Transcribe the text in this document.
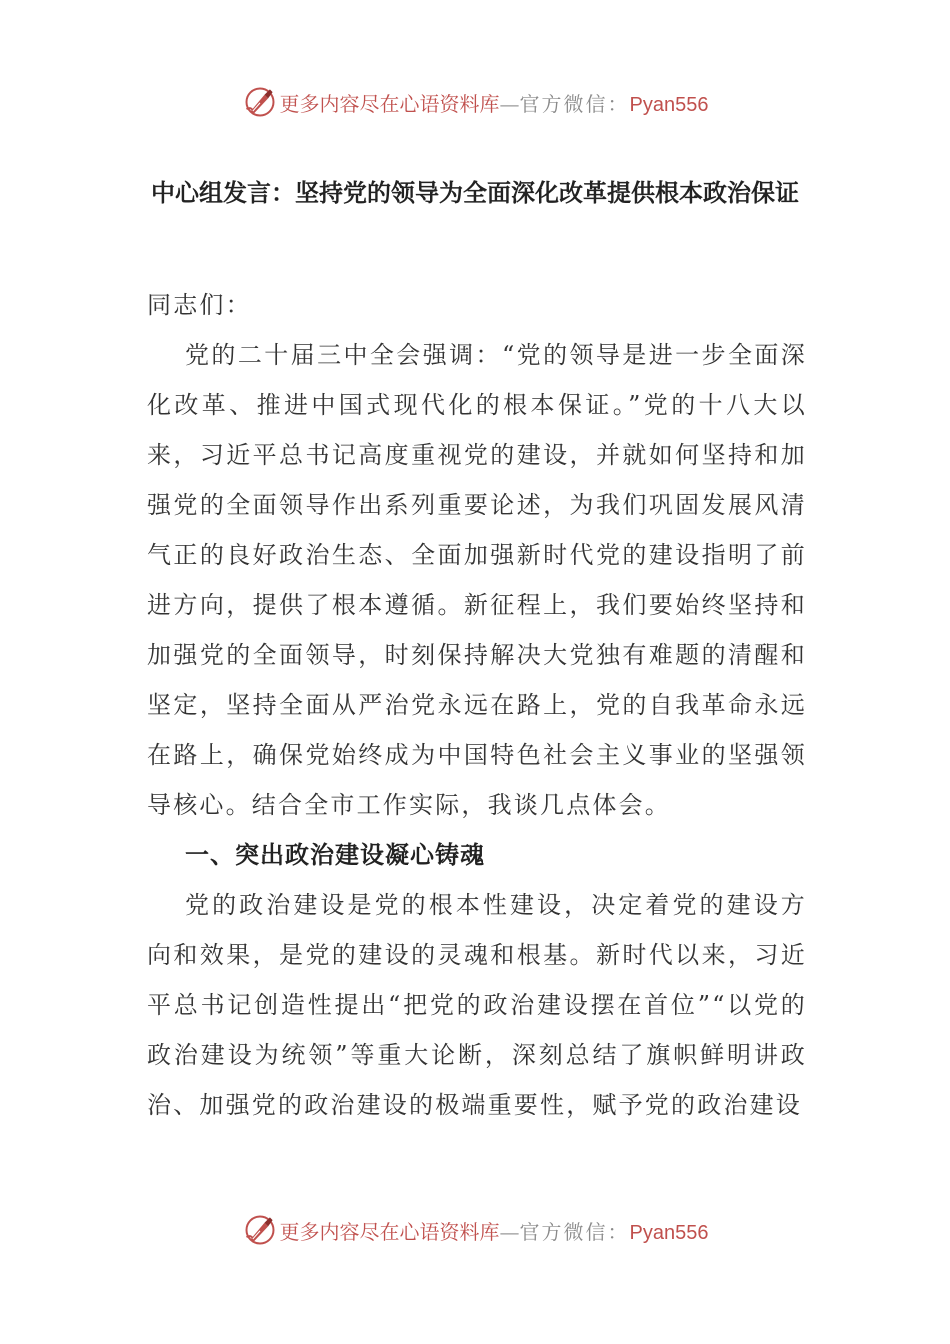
更多内容尽在心语资料库—官方微信：Pyan556
中心组发言：坚持党的领导为全面深化改革提供根本政治保证

同志们：

党的二十届三中全会强调：“党的领导是进一步全面深化改革、推进中国式现代化的根本保证。”党的十八大以来，习近平总书记高度重视党的建设，并就如何坚持和加强党的全面领导作出系列重要论述，为我们巩固发展风清气正的良好政治生态、全面加强新时代党的建设指明了前进方向，提供了根本遵循。新征程上，我们要始终坚持和加强党的全面领导，时刻保持解决大党独有难题的清醒和坚定，坚持全面从严治党永远在路上，党的自我革命永远在路上，确保党始终成为中国特色社会主义事业的坚强领导核心。结合全市工作实际，我谈几点体会。

一、突出政治建设凝心铸魂

党的政治建设是党的根本性建设，决定着党的建设方向和效果，是党的建设的灵魂和根基。新时代以来，习近平总书记创造性提出“把党的政治建设摆在首位”“以党的政治建设为统领”等重大论断，深刻总结了旗帜鲜明讲政治、加强党的政治建设的极端重要性，赋予党的政治建设

更多内容尽在心语资料库—官方微信：Pyan556
